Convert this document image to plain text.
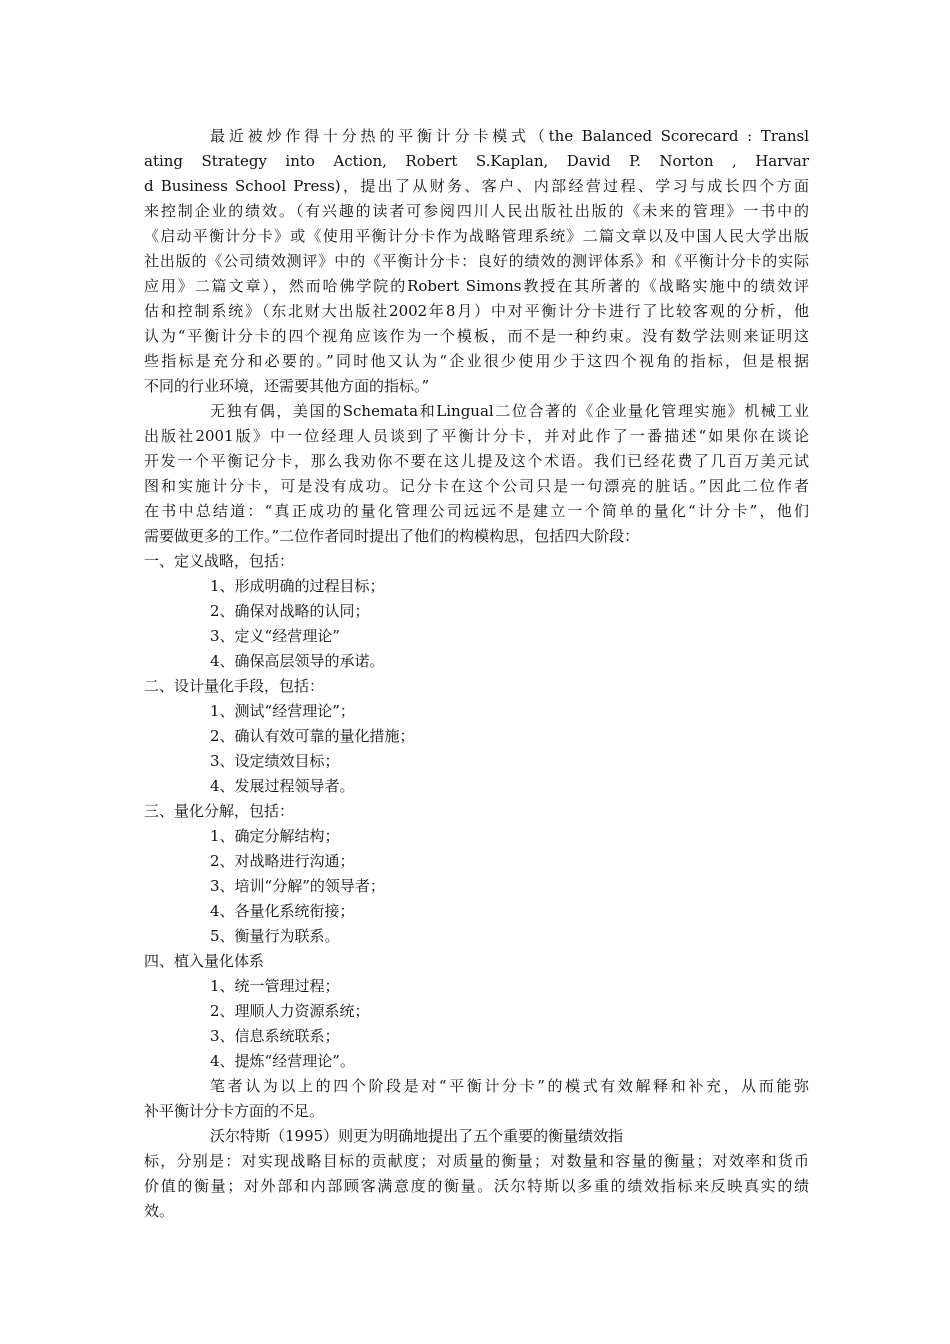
最近被炒作得十分热的平衡计分卡模式（the Balanced Scorecard : Transl
ating Strategy into Action, Robert S.Kaplan, David P. Norton , Harvar
d Business School Press)，提出了从财务、客户、内部经营过程、学习与成长四个方面
来控制企业的绩效。（有兴趣的读者可参阅四川人民出版社出版的《未来的管理》一书中的
《启动平衡计分卡》或《使用平衡计分卡作为战略管理系统》二篇文章以及中国人民大学出版
社出版的《公司绩效测评》中的《平衡计分卡：良好的绩效的测评体系》和《平衡计分卡的实际
应用》二篇文章），然而哈佛学院的Robert Simons教授在其所著的《战略实施中的绩效评
估和控制系统》（东北财大出版社2002年8月）中对平衡计分卡进行了比较客观的分析，他
认为“平衡计分卡的四个视角应该作为一个模板，而不是一种约束。没有数学法则来证明这
些指标是充分和必要的。”同时他又认为“企业很少使用少于这四个视角的指标，但是根据
不同的行业环境，还需要其他方面的指标。”
无独有偶，美国的Schemata和Lingual二位合著的《企业量化管理实施》机械工业
出版社2001版》中一位经理人员谈到了平衡计分卡，并对此作了一番描述“如果你在谈论
开发一个平衡记分卡，那么我劝你不要在这儿提及这个术语。我们已经花费了几百万美元试
图和实施计分卡，可是没有成功。记分卡在这个公司只是一句漂亮的脏话。”因此二位作者
在书中总结道：“真正成功的量化管理公司远远不是建立一个简单的量化“计分卡”，他们
需要做更多的工作。”二位作者同时提出了他们的构模构思，包括四大阶段：

一、定义战略，包括：

1、形成明确的过程目标；

2、确保对战略的认同；

3、定义“经营理论”

4、确保高层领导的承诺。

二、设计量化手段，包括：

1、测试“经营理论”；

2、确认有效可靠的量化措施；

3、设定绩效目标；

4、发展过程领导者。

三、量化分解，包括：

1、确定分解结构；

2、对战略进行沟通；

3、培训“分解”的领导者；

4、各量化系统衔接；

5、衡量行为联系。

四、植入量化体系

1、统一管理过程；

2、理顺人力资源系统；

3、信息系统联系；

4、提炼“经营理论”。

笔者认为以上的四个阶段是对“平衡计分卡”的模式有效解释和补充，从而能弥
补平衡计分卡方面的不足。
沃尔特斯（1995）则更为明确地提出了五个重要的衡量绩效指
标，分别是：对实现战略目标的贡献度；对质量的衡量；对数量和容量的衡量；对效率和货币
价值的衡量；对外部和内部顾客满意度的衡量。沃尔特斯以多重的绩效指标来反映真实的绩
效。
